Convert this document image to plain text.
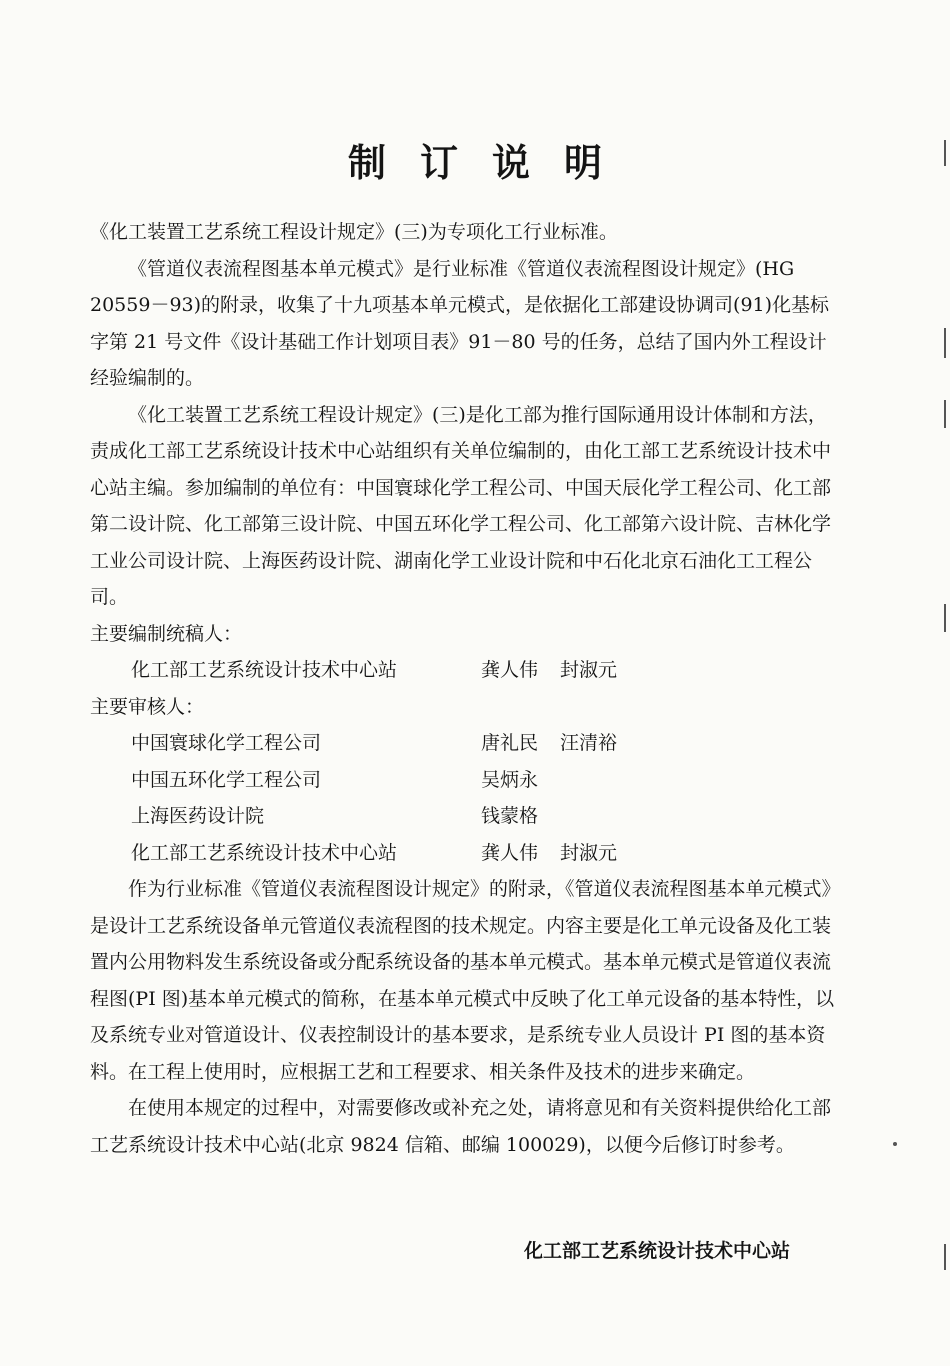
制订说明

《化工装置工艺系统工程设计规定》(三)为专项化工行业标准。

《管道仪表流程图基本单元模式》是行业标准《管道仪表流程图设计规定》(HG 20559－93)的附录，收集了十九项基本单元模式，是依据化工部建设协调司(91)化基标字第 21 号文件《设计基础工作计划项目表》91－80 号的任务，总结了国内外工程设计经验编制的。

《化工装置工艺系统工程设计规定》(三)是化工部为推行国际通用设计体制和方法，责成化工部工艺系统设计技术中心站组织有关单位编制的，由化工部工艺系统设计技术中心站主编。参加编制的单位有：中国寰球化学工程公司、中国天辰化学工程公司、化工部第二设计院、化工部第三设计院、中国五环化学工程公司、化工部第六设计院、吉林化学工业公司设计院、上海医药设计院、湖南化学工业设计院和中石化北京石油化工工程公司。

主要编制统稿人：

化工部工艺系统设计技术中心站	龚人伟 封淑元

主要审核人：

中国寰球化学工程公司	唐礼民 汪清裕
中国五环化学工程公司	吴炳永
上海医药设计院	钱蒙格
化工部工艺系统设计技术中心站	龚人伟 封淑元

作为行业标准《管道仪表流程图设计规定》的附录，《管道仪表流程图基本单元模式》是设计工艺系统设备单元管道仪表流程图的技术规定。内容主要是化工单元设备及化工装置内公用物料发生系统设备或分配系统设备的基本单元模式。基本单元模式是管道仪表流程图(PI 图)基本单元模式的简称，在基本单元模式中反映了化工单元设备的基本特性，以及系统专业对管道设计、仪表控制设计的基本要求，是系统专业人员设计 PI 图的基本资料。在工程上使用时，应根据工艺和工程要求、相关条件及技术的进步来确定。

在使用本规定的过程中，对需要修改或补充之处，请将意见和有关资料提供给化工部工艺系统设计技术中心站(北京 9824 信箱、邮编 100029)，以便今后修订时参考。

化工部工艺系统设计技术中心站
